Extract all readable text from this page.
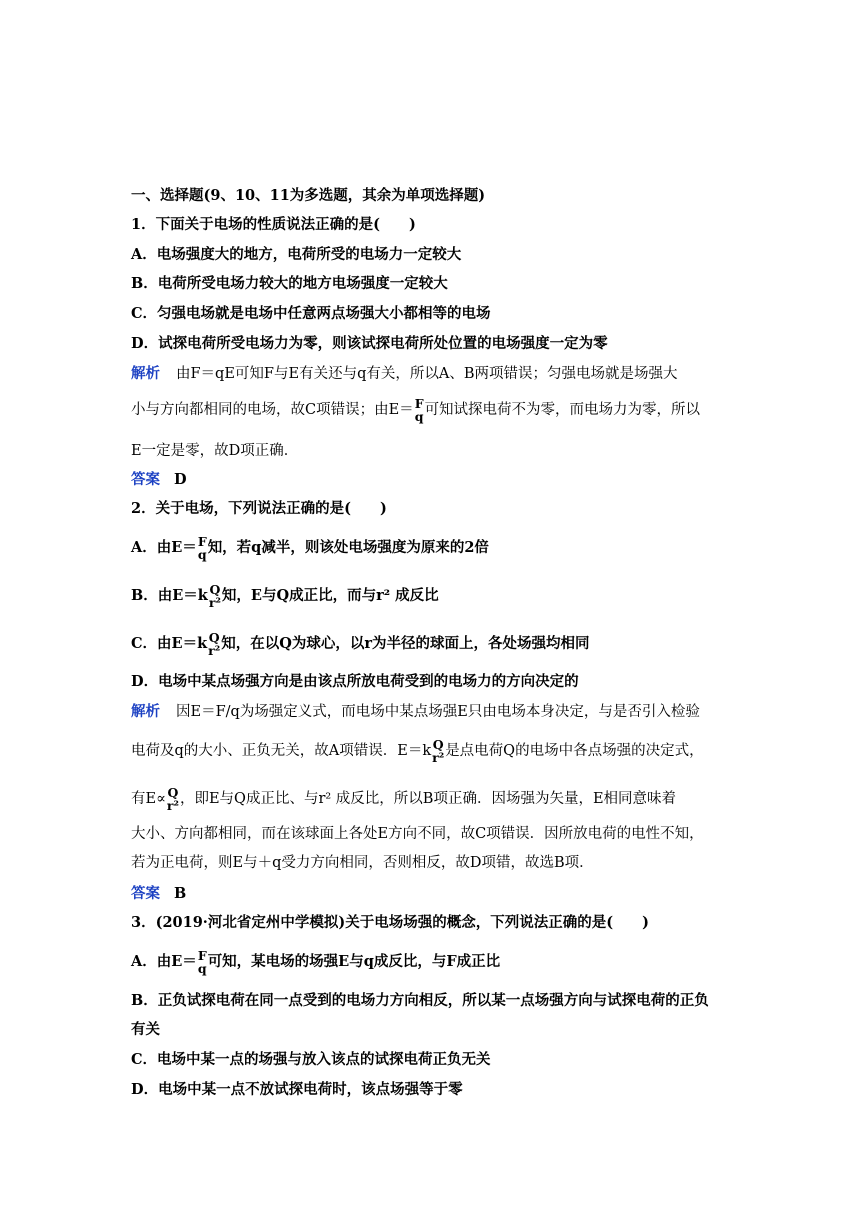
一、选择题(9、10、11为多选题，其余为单项选择题)
1．下面关于电场的性质说法正确的是(　　)
A．电场强度大的地方，电荷所受的电场力一定较大
B．电荷所受电场力较大的地方电场强度一定较大
C．匀强电场就是电场中任意两点场强大小都相等的电场
D．试探电荷所受电场力为零，则该试探电荷所处位置的电场强度一定为零
解析 由F＝qE可知F与E有关还与q有关，所以A、B两项错误；匀强电场就是场强大
小与方向都相同的电场，故C项错误；由E＝ F
q 可知试探电荷不为零，而电场力为零，所以
E一定是零，故D项正确．
答案 D
2．关于电场，下列说法正确的是(　　)
A．由E＝ F
q 知，若q减半，则该处电场强度为原来的2倍
B．由E＝k Q
r² 知，E与Q成正比，而与r² 成反比
C．由E＝k Q
r² 知，在以Q为球心，以r为半径的球面上，各处场强均相同
D．电场中某点场强方向是由该点所放电荷受到的电场力的方向决定的
解析 因E＝F/q为场强定义式，而电场中某点场强E只由电场本身决定，与是否引入检验
电荷及q的大小、正负无关，故A项错误．E＝k Q
r² 是点电荷Q的电场中各点场强的决定式，
有E∝ Q
r² ，即E与Q成正比、与r² 成反比，所以B项正确．因场强为矢量，E相同意味着
大小、方向都相同，而在该球面上各处E方向不同，故C项错误．因所放电荷的电性不知，
若为正电荷，则E与＋q受力方向相同，否则相反，故D项错，故选B项．
答案 B
3．(2019·河北省定州中学模拟)关于电场场强的概念，下列说法正确的是(　　)
A．由E＝ F
q 可知，某电场的场强E与q成反比，与F成正比
B．正负试探电荷在同一点受到的电场力方向相反，所以某一点场强方向与试探电荷的正负
有关
C．电场中某一点的场强与放入该点的试探电荷正负无关
D．电场中某一点不放试探电荷时，该点场强等于零
